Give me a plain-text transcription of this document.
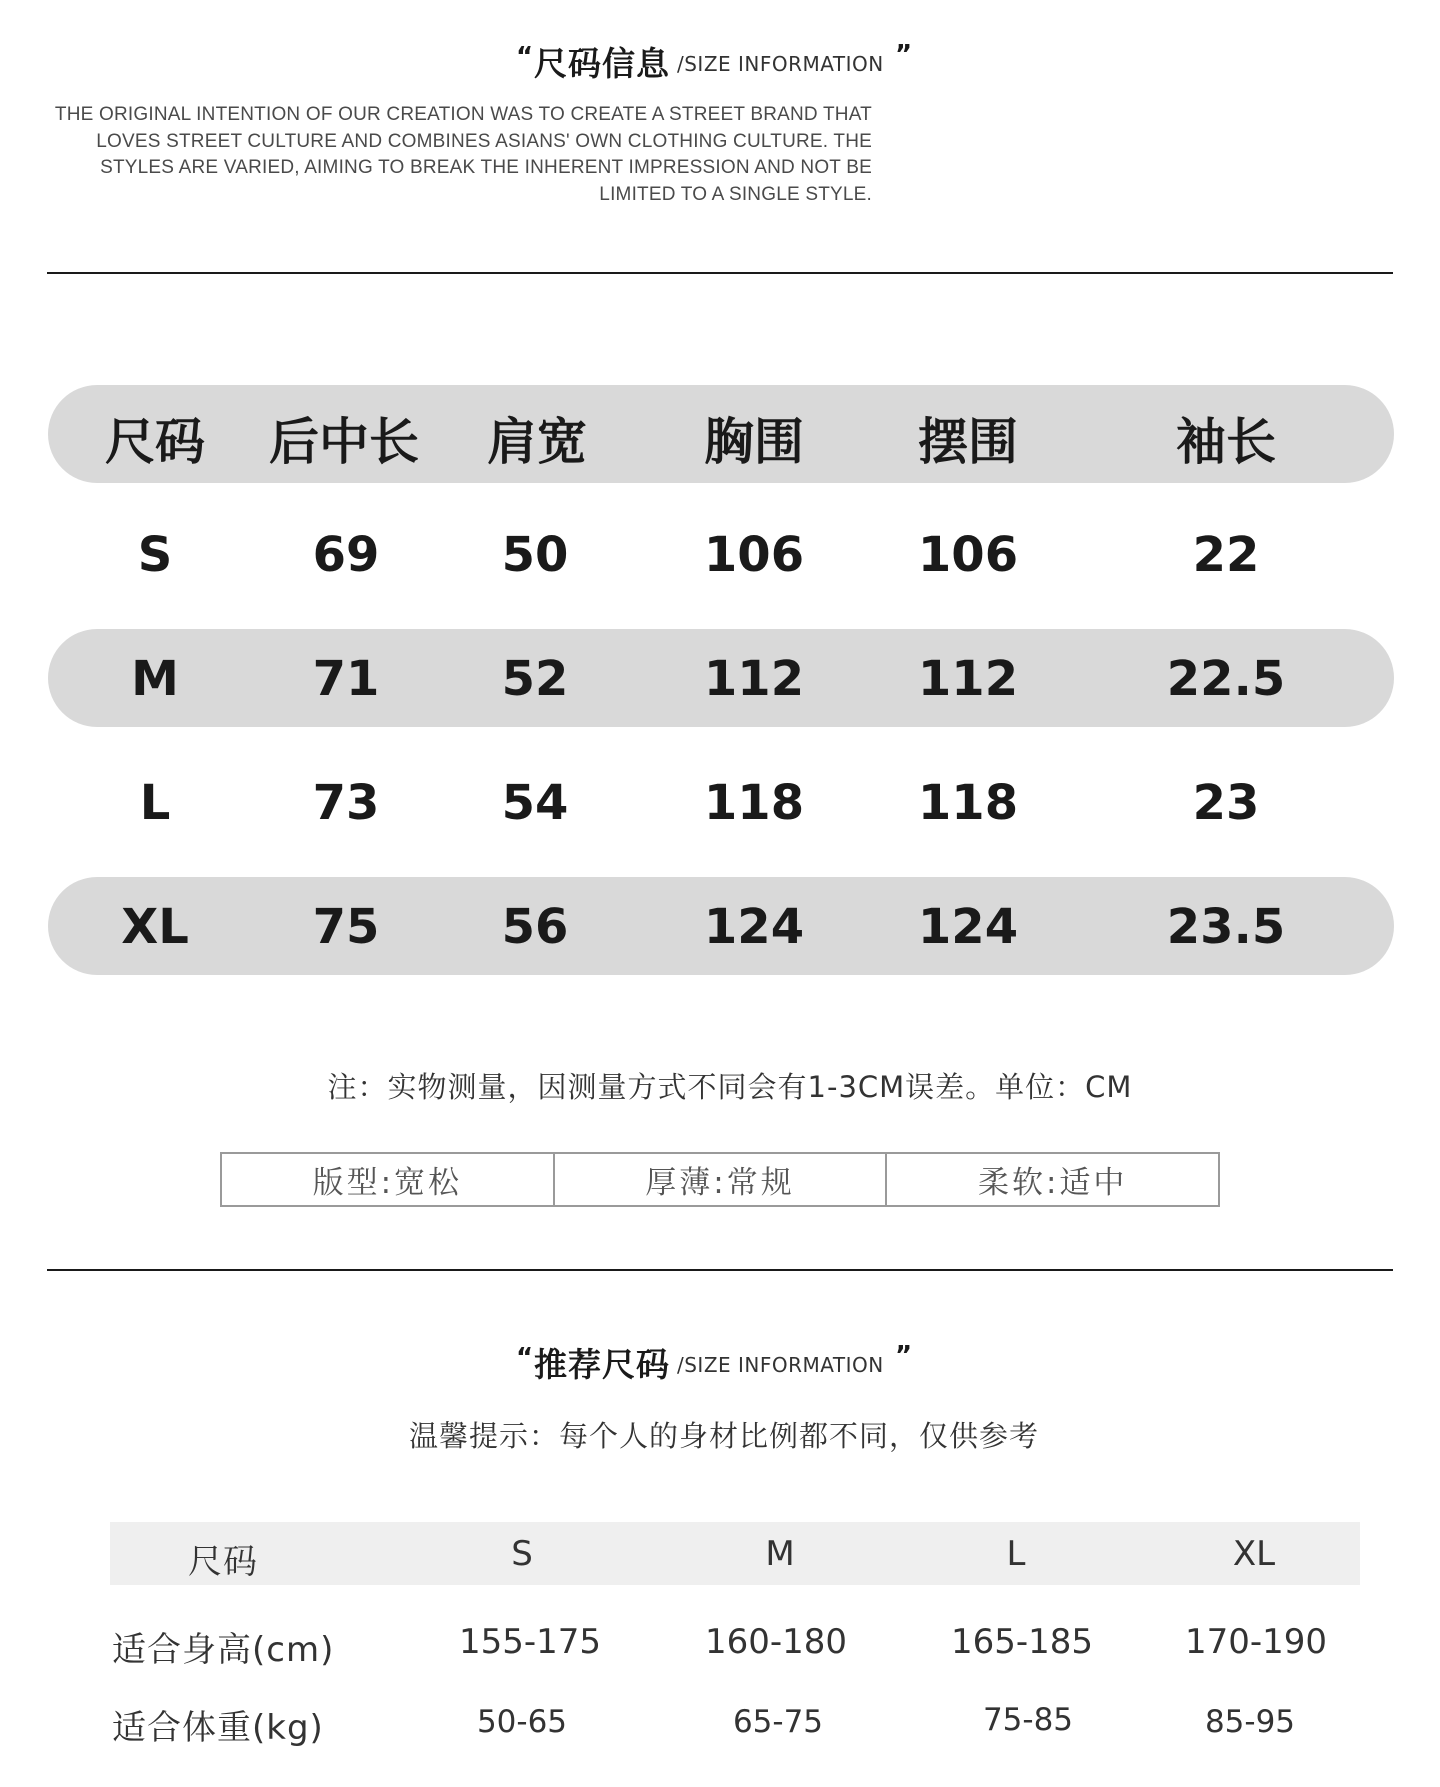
“ 尺码信息 /SIZE INFORMATION ”
THE ORIGINAL INTENTION OF OUR CREATION WAS TO CREATE A STREET BRAND THAT
LOVES STREET CULTURE AND COMBINES ASIANS' OWN CLOTHING CULTURE. THE
STYLES ARE VARIED, AIMING TO BREAK THE INHERENT IMPRESSION AND NOT BE
LIMITED TO A SINGLE STYLE.
尺码	后中长	肩宽	胸围	摆围	袖长
S	69	50	106	106	22
M	71	52	112	112	22.5
L	73	54	118	118	23
XL	75	56	124	124	23.5
注：实物测量，因测量方式不同会有1-3CM误差。单位：CM
版型:宽松	厚薄:常规	柔软:适中
“ 推荐尺码 /SIZE INFORMATION ”
温馨提示：每个人的身材比例都不同，仅供参考
尺码	S	M	L	XL
适合身高(cm)	155-175	160-180	165-185	170-190
适合体重(kg)	50-65	65-75	75-85	85-95
